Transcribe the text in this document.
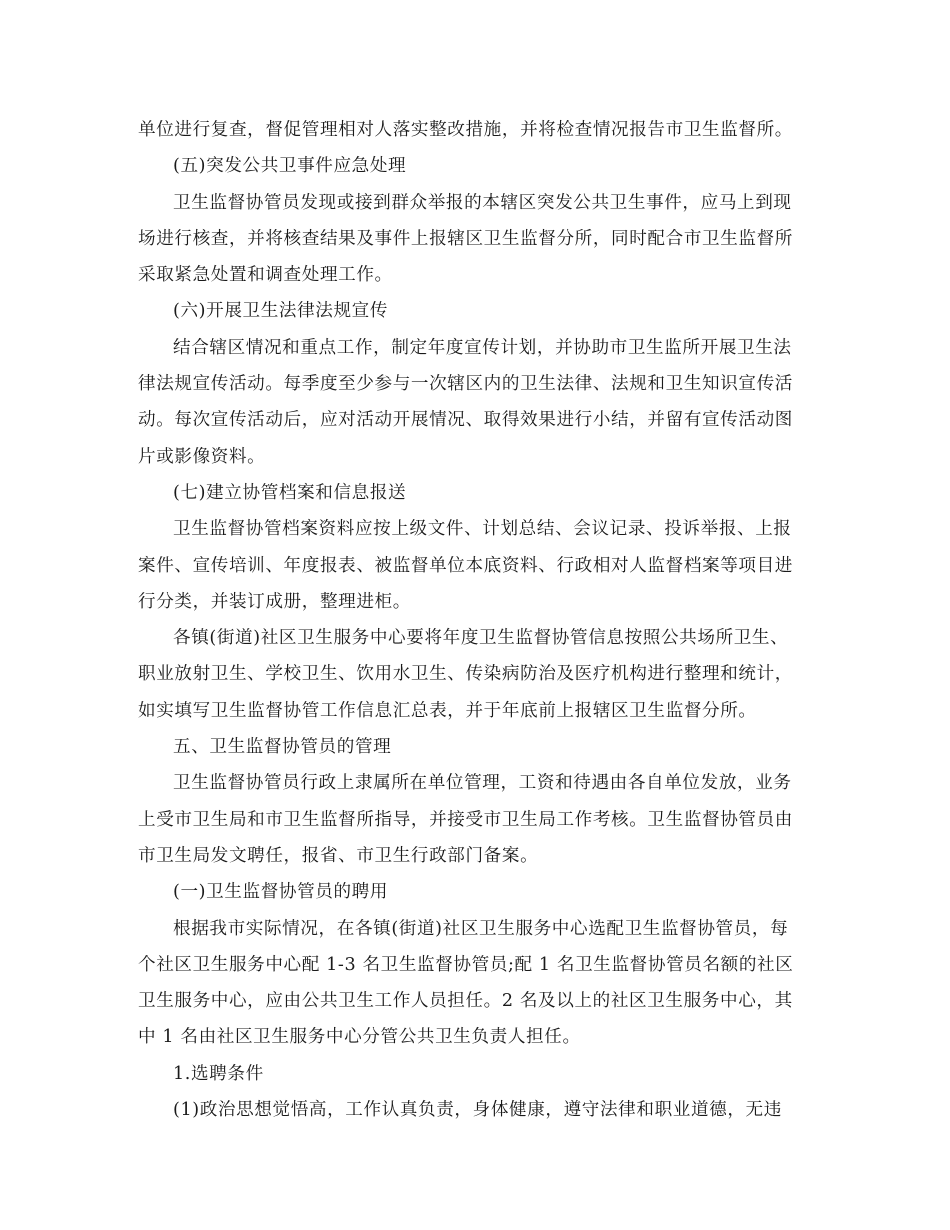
单位进行复查，督促管理相对人落实整改措施，并将检查情况报告市卫生监督所。
(五)突发公共卫事件应急处理
卫生监督协管员发现或接到群众举报的本辖区突发公共卫生事件，应马上到现
场进行核查，并将核查结果及事件上报辖区卫生监督分所，同时配合市卫生监督所
采取紧急处置和调查处理工作。
(六)开展卫生法律法规宣传
结合辖区情况和重点工作，制定年度宣传计划，并协助市卫生监所开展卫生法
律法规宣传活动。每季度至少参与一次辖区内的卫生法律、法规和卫生知识宣传活
动。每次宣传活动后，应对活动开展情况、取得效果进行小结，并留有宣传活动图
片或影像资料。
(七)建立协管档案和信息报送
卫生监督协管档案资料应按上级文件、计划总结、会议记录、投诉举报、上报
案件、宣传培训、年度报表、被监督单位本底资料、行政相对人监督档案等项目进
行分类，并装订成册，整理进柜。
各镇(街道)社区卫生服务中心要将年度卫生监督协管信息按照公共场所卫生、
职业放射卫生、学校卫生、饮用水卫生、传染病防治及医疗机构进行整理和统计，
如实填写卫生监督协管工作信息汇总表，并于年底前上报辖区卫生监督分所。
五、卫生监督协管员的管理
卫生监督协管员行政上隶属所在单位管理，工资和待遇由各自单位发放，业务
上受市卫生局和市卫生监督所指导，并接受市卫生局工作考核。卫生监督协管员由
市卫生局发文聘任，报省、市卫生行政部门备案。
(一)卫生监督协管员的聘用
根据我市实际情况，在各镇(街道)社区卫生服务中心选配卫生监督协管员，每
个社区卫生服务中心配 1-3 名卫生监督协管员;配 1 名卫生监督协管员名额的社区
卫生服务中心，应由公共卫生工作人员担任。2 名及以上的社区卫生服务中心，其
中 1 名由社区卫生服务中心分管公共卫生负责人担任。
1.选聘条件
(1)政治思想觉悟高，工作认真负责，身体健康，遵守法律和职业道德，无违
